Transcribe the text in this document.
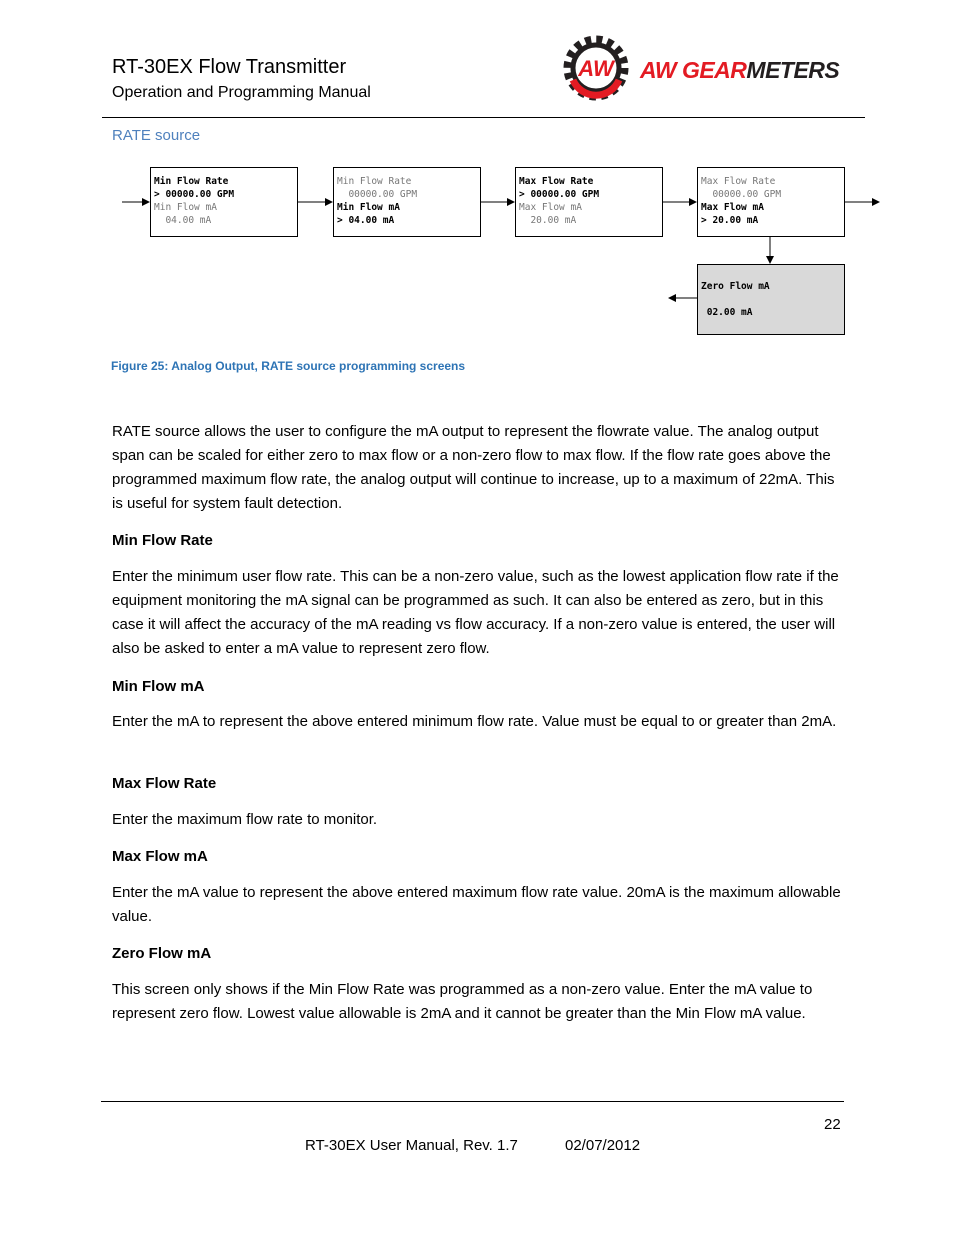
RT-30EX Flow Transmitter
Operation and Programming Manual
AW AW GEARMETERS
RATE source
Min Flow Rate
> 00000.00 GPM
Min Flow mA
04.00 mA
Min Flow Rate
00000.00 GPM
Min Flow mA
> 04.00 mA
Max Flow Rate
> 00000.00 GPM
Max Flow mA
20.00 mA
Max Flow Rate
00000.00 GPM
Max Flow mA
> 20.00 mA
Zero Flow mA
02.00 mA
Figure 25: Analog Output, RATE source programming screens
RATE source allows the user to configure the mA output to represent the flowrate value. The analog output span can be scaled for either zero to max flow or a non-zero flow to max flow. If the flow rate goes above the programmed maximum flow rate, the analog output will continue to increase, up to a maximum of 22mA. This is useful for system fault detection.
Min Flow Rate
Enter the minimum user flow rate. This can be a non-zero value, such as the lowest application flow rate if the equipment monitoring the mA signal can be programmed as such. It can also be entered as zero, but in this case it will affect the accuracy of the mA reading vs flow accuracy. If a non-zero value is entered, the user will also be asked to enter a mA value to represent zero flow.
Min Flow mA
Enter the mA to represent the above entered minimum flow rate. Value must be equal to or greater than 2mA.
Max Flow Rate
Enter the maximum flow rate to monitor.
Max Flow mA
Enter the mA value to represent the above entered maximum flow rate value. 20mA is the maximum allowable value.
Zero Flow mA
This screen only shows if the Min Flow Rate was programmed as a non-zero value. Enter the mA value to represent zero flow. Lowest value allowable is 2mA and it cannot be greater than the Min Flow mA value.
22
RT-30EX User Manual, Rev. 1.7	02/07/2012
